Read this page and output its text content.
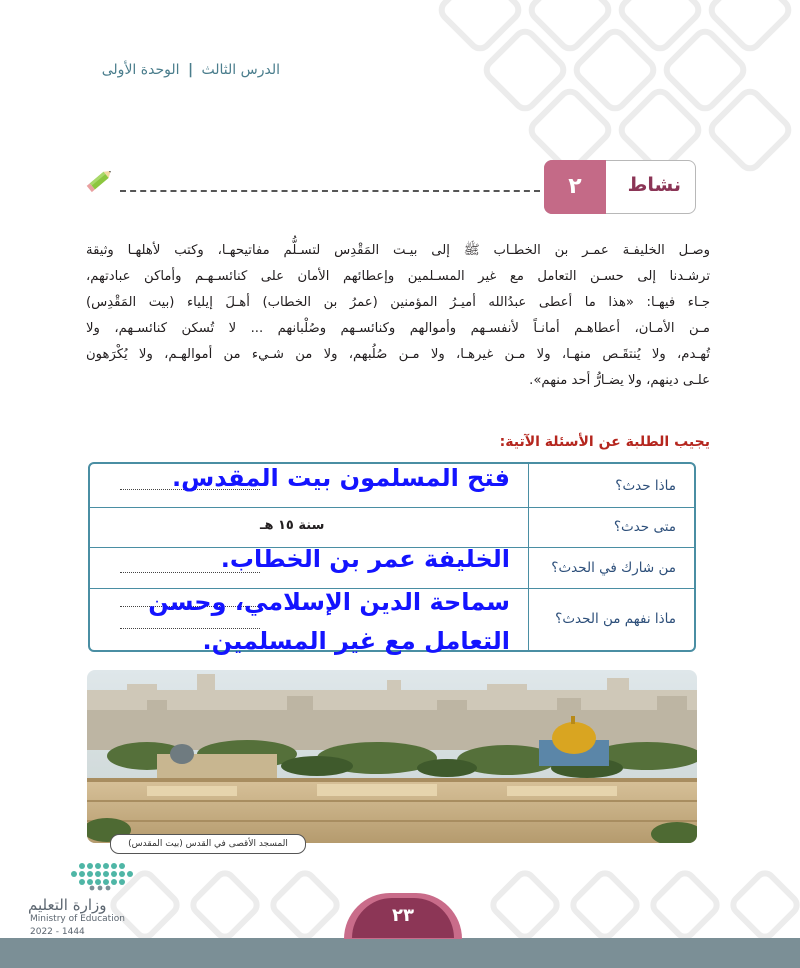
الدرس الثالث | الوحدة الأولى
نشاط
٢

وصـل الخليفـة عمـر بن الخطـاب ﷺ إلى بيـت المَقْدِس لتسـلُّم مفاتيحهـا، وكتب لأهلهـا وثيقة

ترشـدنا إلى حسـن التعامل مع غير المسـلمين وإعطائهم الأمان على كنائسـهـم وأماكن عبادتهم،

جـاء فيهـا: «هذا ما أعطى عبدُالله أميـرُ المؤمنين (عمرُ بن الخطاب) أهـلَ إيلياء (بيت المَقْدِس)

مـن الأمـان، أعطاهـم أمانـاً لأنفسـهم وأموالهم وكنائسـهم وصُلْبانهم ... لا تُسكن كنائسـهم، ولا

تُهـدم، ولا يُنتقَـص منهـا، ولا مـن غيرهـا، ولا مـن صُلُبهم، ولا من شـيء من أموالهـم، ولا يُكْرَهون

علـى دينهم، ولا يضـارُّ أحد منهم».

يجيب الطلبة عن الأسئلة الآتية:
ماذا حدث؟
متى حدث؟
سنة ١٥ هـ
من شارك في الحدث؟
ماذا نفهم من الحدث؟
فتح المسلمون بيت المقدس.
الخليفة عمر بن الخطاب.
سماحة الدين الإسلامي، وحسن
التعامل مع غير المسلمين.
المسجد الأقصى في القدس (بيت المقدس)
وزارة التعليم
Ministry of Education
2022 - 1444
٢٣
